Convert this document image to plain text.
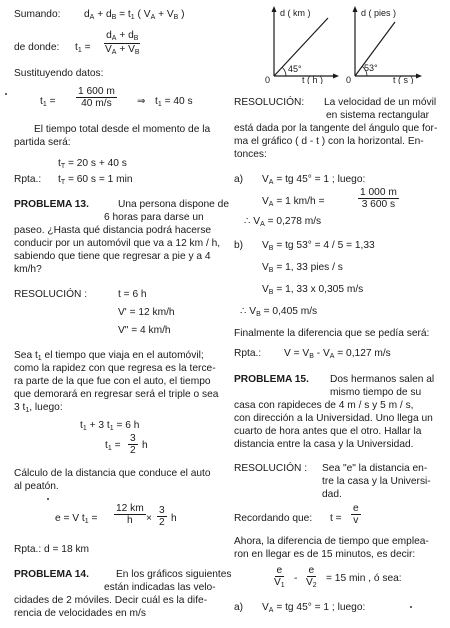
Sumando: $d_A + d_B = t_1$ ( $V_A + V_B$ )
de donde: $t_1 = \frac{d_A + d_B}{V_A + V_B}$
Sustituyendo datos:
$t_1 = \frac{1 600 m}{40 m/s}$ ⇒ $t_1 = 40$ s
El tiempo total desde el momento de la
partida será:
$t_T = 20$ s + 40 s
Rpta.: $t_T = 60$ s = 1 min
PROBLEMA 13.	Una persona dispone de
6 horas para darse un
paseo. ¿Hasta qué distancia podrá hacerse
conducir por un automóvil que va a 12 km / h,
sabiendo que tiene que regresar a pie y a 4
km/h?
RESOLUCIÓN :	t = 6 h
V' = 12 km/h
V" = 4 km/h
Sea $t_1$ el tiempo que viaja en el automóvil;
como la rapidez con que regresa es la terce-
ra parte de la que fue con el auto, el tiempo
que demorará en regresar será el triple o sea
3 $t_1$, luego:
$t_1 + 3$ $t_1 = 6$ h
$t_1 = \frac{3}{2}$ h
Cálculo de la distancia que conduce el auto
al peatón.
e = V $t_1 = \frac{12 km}{h} \times \frac{3}{2}$ h
Rpta.: d = 18 km
PROBLEMA 14.	En los gráficos siguientes
están indicadas las velo-
cidades de 2 móviles. Decir cuál es la dife-
rencia de velocidades en m/s
45°
d ( km )
t ( h )
0
53°
d ( pies )
t ( s )
0
RESOLUCIÓN: La velocidad de un móvil
en sistema rectangular
está dada por la tangente del ángulo que for-
ma el gráfico ( d - t ) con la horizontal. En-
tonces:
a) $V_A$ = tg 45° = 1 ; luego:
$V_A = 1$ km/h =	$\frac{1 000 m}{3 600 s}$
∴ $V_A = 0,278$ m/s
b) $V_B$ = tg 53° = 4 / 5 = 1,33
$V_B = 1$, 33 pies / s
$V_B = 1$, 33 x 0,305 m/s
∴ $V_B = 0,405$ m/s
Finalmente la diferencia que se pedía será:
Rpta.: $V = V_B - V_A = 0,127$ m/s
PROBLEMA 15. Dos hermanos salen al
mismo tiempo de su
casa con rapideces de 4 m / s y 5 m / s,
con dirección a la Universidad. Uno llega un
cuarto de hora antes que el otro. Hallar la
distancia entre la casa y la Universidad.
RESOLUCIÓN : Sea "e" la distancia en-
tre la casa y la Universi-
dad.
Recordando que: $t = \frac{e}{v}$
Ahora, la diferencia de tiempo que emplea-
ron en llegar es de 15 minutos, es decir:
$\frac{e}{V_1} - \frac{e}{V_2} = 15$ min , ó sea:
a) $V_A$ = tg 45° = 1 ; luego:
